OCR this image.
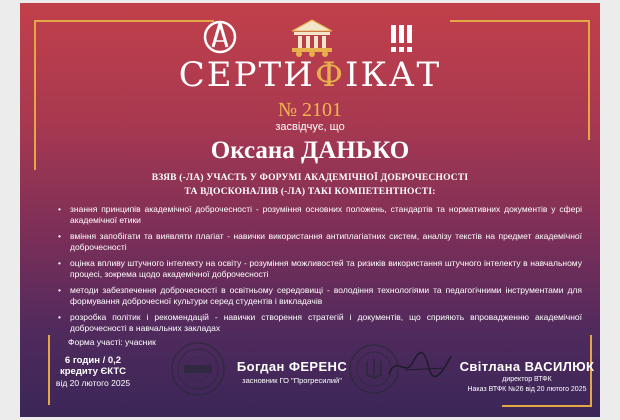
СЕРТИФІКАТ
№ 2101
засвідчує, що
Оксана ДАНЬКО
ВЗЯВ (-ЛА) УЧАСТЬ У ФОРУМІ АКАДЕМІЧНОЇ ДОБРОЧЕСНОСТІ
ТА ВДОСКОНАЛИВ (-ЛА) ТАКІ КОМПЕТЕНТНОСТІ:
• знання принципів академічної доброчесності - розуміння основних положень, стандартів та нормативних документів у сфері академічної етики
• вміння запобігати та виявляти плагіат - навички використання антиплагіатних систем, аналізу текстів на предмет академічної доброчесності
• оцінка впливу штучного інтелекту на освіту - розуміння можливостей та ризиків використання штучного інтелекту в навчальному процесі, зокрема щодо академічної доброчесності
• методи забезпечення доброчесності в освітньому середовищі - володіння технологіями та педагогічними інструментами для формування доброчесної культури серед студентів і викладачів
• розробка політик і рекомендацій - навички створення стратегій і документів, що сприяють впровадженню академічної доброчесності в навчальних закладах
Форма участі: учасник
6 годин / 0,2
кредиту ЄКТС
від 20 лютого 2025
Богдан ФЕРЕНС
засновник ГО "Прогресилий"
Світлана ВАСИЛЮК
директор ВТФК
Наказ ВТФК №26 від 20 лютого 2025
